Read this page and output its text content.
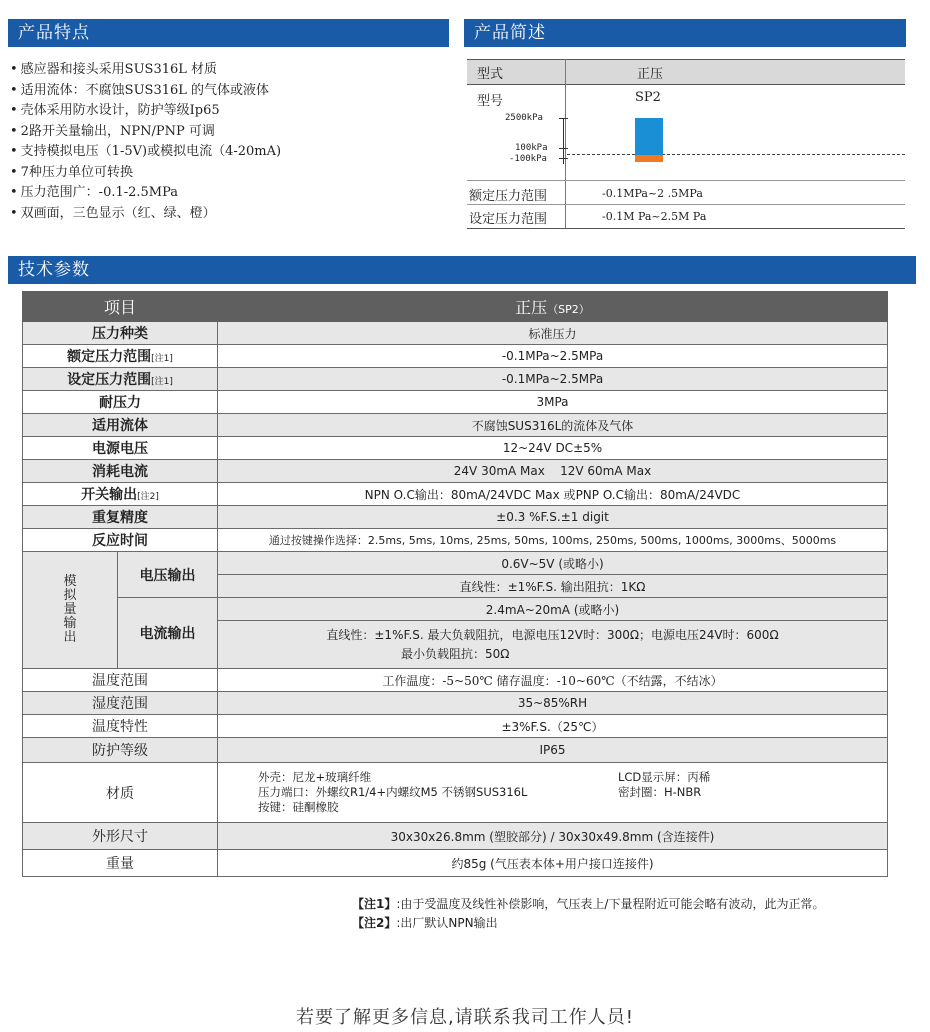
产品特点	产品简述
技术参数
• 感应器和接头采用SUS316L 材质
• 适用流体：不腐蚀SUS316L 的气体或液体
• 壳体采用防水设计，防护等级Ip65
• 2路开关量输出，NPN/PNP 可调
• 支持模拟电压（1-5V)或模拟电流（4-20mA)
• 7种压力单位可转换
• 压力范围广：-0.1-2.5MPa
• 双画面，三色显示（红、绿、橙）
型式	正压
型号	SP2
额定压力范围	-0.1MPa~2 .5MPa
设定压力范围	-0.1M Pa~2.5M Pa
2500kPa
100kPa
-100kPa
项目		正压（SP2）
压力种类		标准压力
额定压力范围[注1]		-0.1MPa~2.5MPa
设定压力范围[注1]		-0.1MPa~2.5MPa
耐压力		3MPa
适用流体		不腐蚀SUS316L的流体及气体
电源电压		12~24V DC±5%
消耗电流		24V 30mA Max    12V 60mA Max
开关输出[注2]		NPN O.C输出：80mA/24VDC Max 或PNP O.C输出：80mA/24VDC
重复精度		±0.3 %F.S.±1 digit
反应时间		通过按键操作选择：2.5ms, 5ms, 10ms, 25ms, 50ms, 100ms, 250ms, 500ms, 1000ms, 3000ms、5000ms
模拟量输出	电压输出	0.6V~5V (或略小)
		直线性：±1%F.S. 输出阻抗：1KΩ
	电流输出	2.4mA~20mA (或略小)

		直线性：±1%F.S. 最大负载阻抗，电源电压12V时：300Ω；电源电压24V时：600Ω
最小负载阻抗：50Ω

温度范围		工作温度：-5~50℃ 储存温度：-10~60℃（不结露，不结冰）
湿度范围		35~85%RH
温度特性		±3%F.S.（25℃）
防护等级		IP65
材质		外壳：尼龙+玻璃纤维 LCD显示屏：丙稀
压力端口：外螺纹R1/4+内螺纹M5 不锈钢SUS316L 密封圈：H-NBR
按键：硅酮橡胶

外形尺寸		30x30x26.8mm (塑胶部分) / 30x30x49.8mm (含连接件)
重量		约85g (气压表本体+用户接口连接件)
【注1】:由于受温度及线性补偿影响，气压表上/下量程附近可能会略有波动，此为正常。
【注2】:出厂默认NPN输出
若要了解更多信息,请联系我司工作人员!
